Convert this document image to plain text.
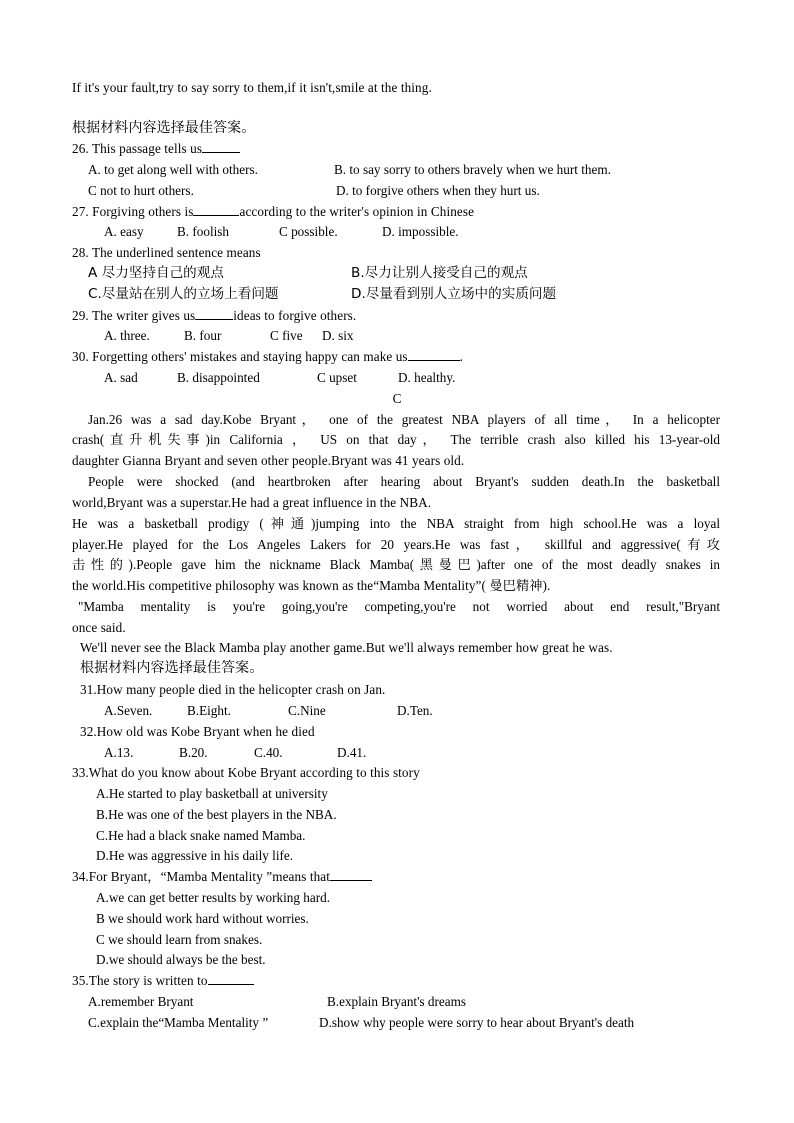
If it's your fault,try to say sorry to them,if it isn't,smile at the thing.
根据材料内容选择最佳答案。
26. This passage tells us
A. to get along well with others.	B. to say sorry to others bravely when we hurt them.
C not to hurt others.	D. to forgive others when they hurt us.
27. Forgiving others is	according to the writer's opinion in Chinese
A. easy	B. foolish	C possible.	D. impossible.
28. The underlined sentence means
A 尽力坚持自己的观点	B.尽力让别人接受自己的观点
C.尽量站在别人的立场上看问题	D.尽量看到别人立场中的实质问题
29. The writer gives us	ideas to forgive others.
A. three.	B. four	C five D. six
30. Forgetting others' mistakes and staying happy can make us	.
A. sad	B. disappointed	C upset	D. healthy.
C
Jan.26 was a sad day.Kobe Bryant， one of the greatest NBA players of all time， In a helicopter
crash(直升机失事)in California ， US on that day， The terrible crash also killed his 13-year-old
daughter Gianna Bryant and seven other people.Bryant was 41 years old.
People were shocked (and heartbroken after hearing about Bryant's sudden death.In the basketball
world,Bryant was a superstar.He had a great influence in the NBA.
He was a basketball prodigy (神通)jumping into the NBA straight from high school.He was a loyal
player.He played for the Los Angeles Lakers for 20 years.He was fast， skillful and aggressive(有攻
击性的).People gave him the nickname Black Mamba(黑曼巴)after one of the most deadly snakes in
the world.His competitive philosophy was known as the“Mamba Mentality”( 曼巴精神).
"Mamba mentality is you're going,you're competing,you're not worried about end result,"Bryant
once said.
We'll never see the Black Mamba play another game.But we'll always remember how great he was.
根据材料内容选择最佳答案。
31.How many people died in the helicopter crash on Jan.
A.Seven.	B.Eight.	C.Nine	D.Ten.
32.How old was Kobe Bryant when he died
A.13.	B.20.	C.40.	D.41.
33.What do you know about Kobe Bryant according to this story
A.He started to play basketball at university
B.He was one of the best players in the NBA.
C.He had a black snake named Mamba.
D.He was aggressive in his daily life.
34.For Bryant，“Mamba Mentality ”means that
A.we can get better results by working hard.
B we should work hard without worries.
C we should learn from snakes.
D.we should always be the best.
35.The story is written to
A.remember Bryant	B.explain Bryant's dreams
C.explain the“Mamba Mentality ”	D.show why people were sorry to hear about Bryant's death
